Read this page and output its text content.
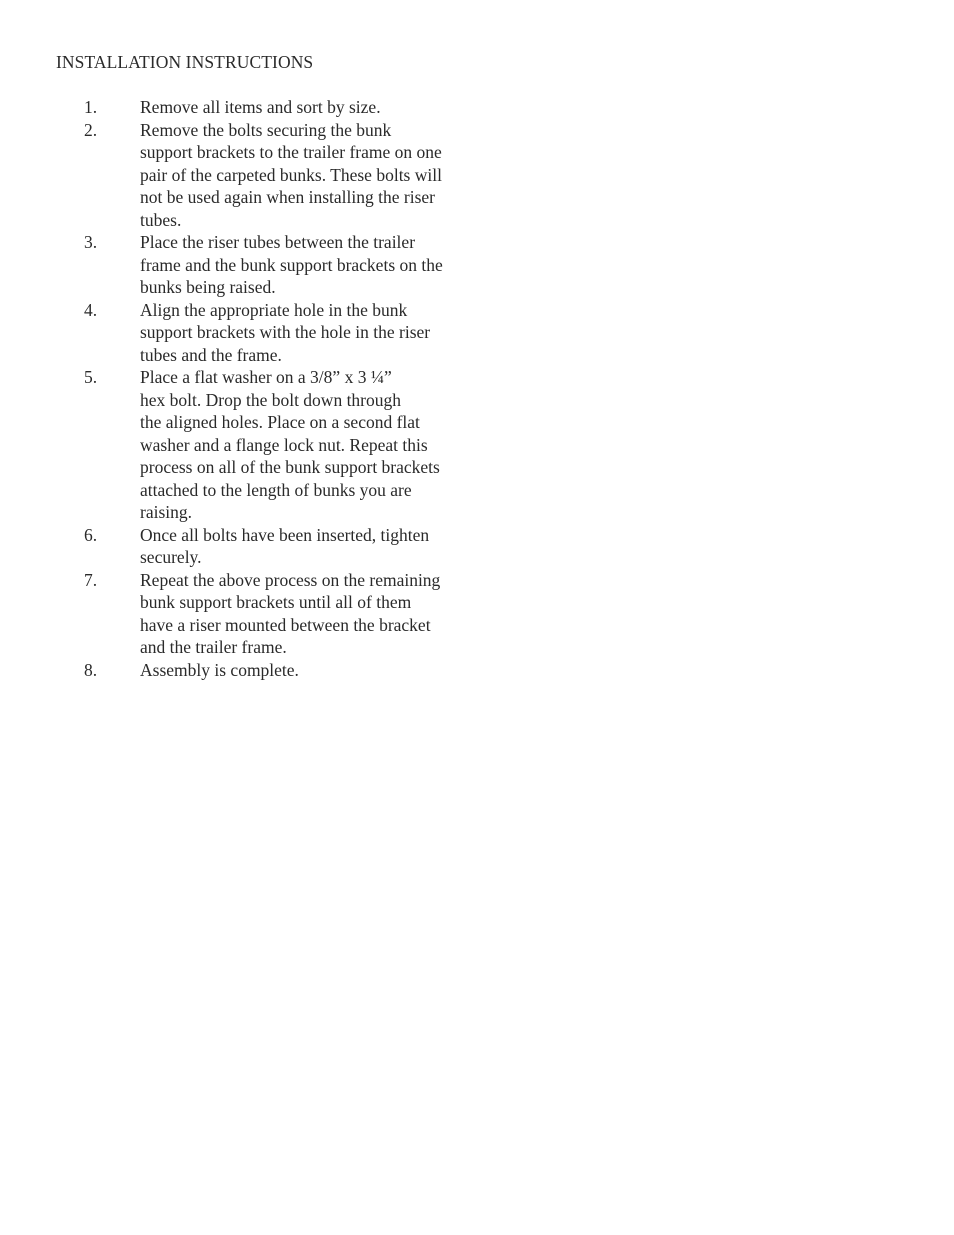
INSTALLATION INSTRUCTIONS
1.	Remove all items and sort by size.
2.	Remove the bolts securing the bunk
support brackets to the trailer frame on one
pair of the carpeted bunks. These bolts will
not be used again when installing the riser
tubes.
3.	Place the riser tubes between the trailer
frame and the bunk support brackets on the
bunks being raised.
4.	Align the appropriate hole in the bunk
support brackets with the hole in the riser
tubes and the frame.
5.	Place a flat washer on a 3/8” x 3 ¼”
hex bolt. Drop the bolt down through
the aligned holes. Place on a second flat
washer and a flange lock nut. Repeat this
process on all of the bunk support brackets
attached to the length of bunks you are
raising.
6.	Once all bolts have been inserted, tighten
securely.
7.	Repeat the above process on the remaining
bunk support brackets until all of them
have a riser mounted between the bracket
and the trailer frame.
8.	Assembly is complete.
